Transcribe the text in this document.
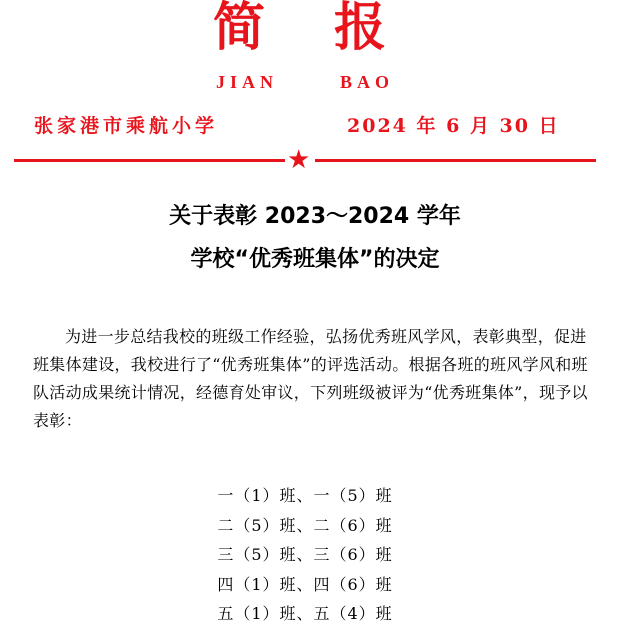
简 报
JIAN	BAO
张家港市乘航小学	2024 年 6 月 30 日
★
关于表彰 2023～2024 学年
学校“优秀班集体”的决定

为进一步总结我校的班级工作经验，弘扬优秀班风学风，表彰典型，促进班集体建设，我校进行了“优秀班集体”的评选活动。根据各班的班风学风和班队活动成果统计情况，经德育处审议，下列班级被评为“优秀班集体”，现予以表彰：

一（1）班、一（5）班
二（5）班、二（6）班
三（5）班、三（6）班
四（1）班、四（6）班
五（1）班、五（4）班
